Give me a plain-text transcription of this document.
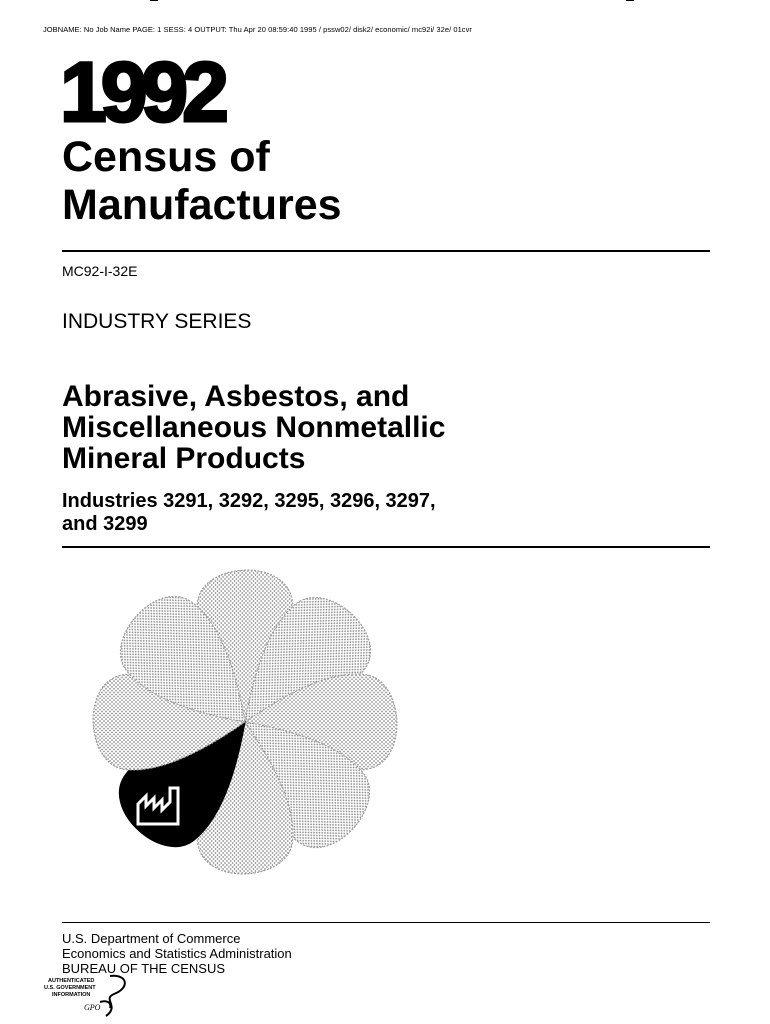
JOBNAME: No Job Name PAGE: 1 SESS: 4 OUTPUT: Thu Apr 20 08:59:40 1995 / pssw02/ disk2/ economic/ mc92i/ 32e/ 01cvr
1992
Census of
Manufactures
MC92-I-32E
INDUSTRY SERIES
Abrasive, Asbestos, and
Miscellaneous Nonmetallic
Mineral Products
Industries 3291, 3292, 3295, 3296, 3297,
and 3299
U.S. Department of Commerce
Economics and Statistics Administration
BUREAU OF THE CENSUS
AUTHENTICATED
U.S. GOVERNMENT
INFORMATION
GPO
